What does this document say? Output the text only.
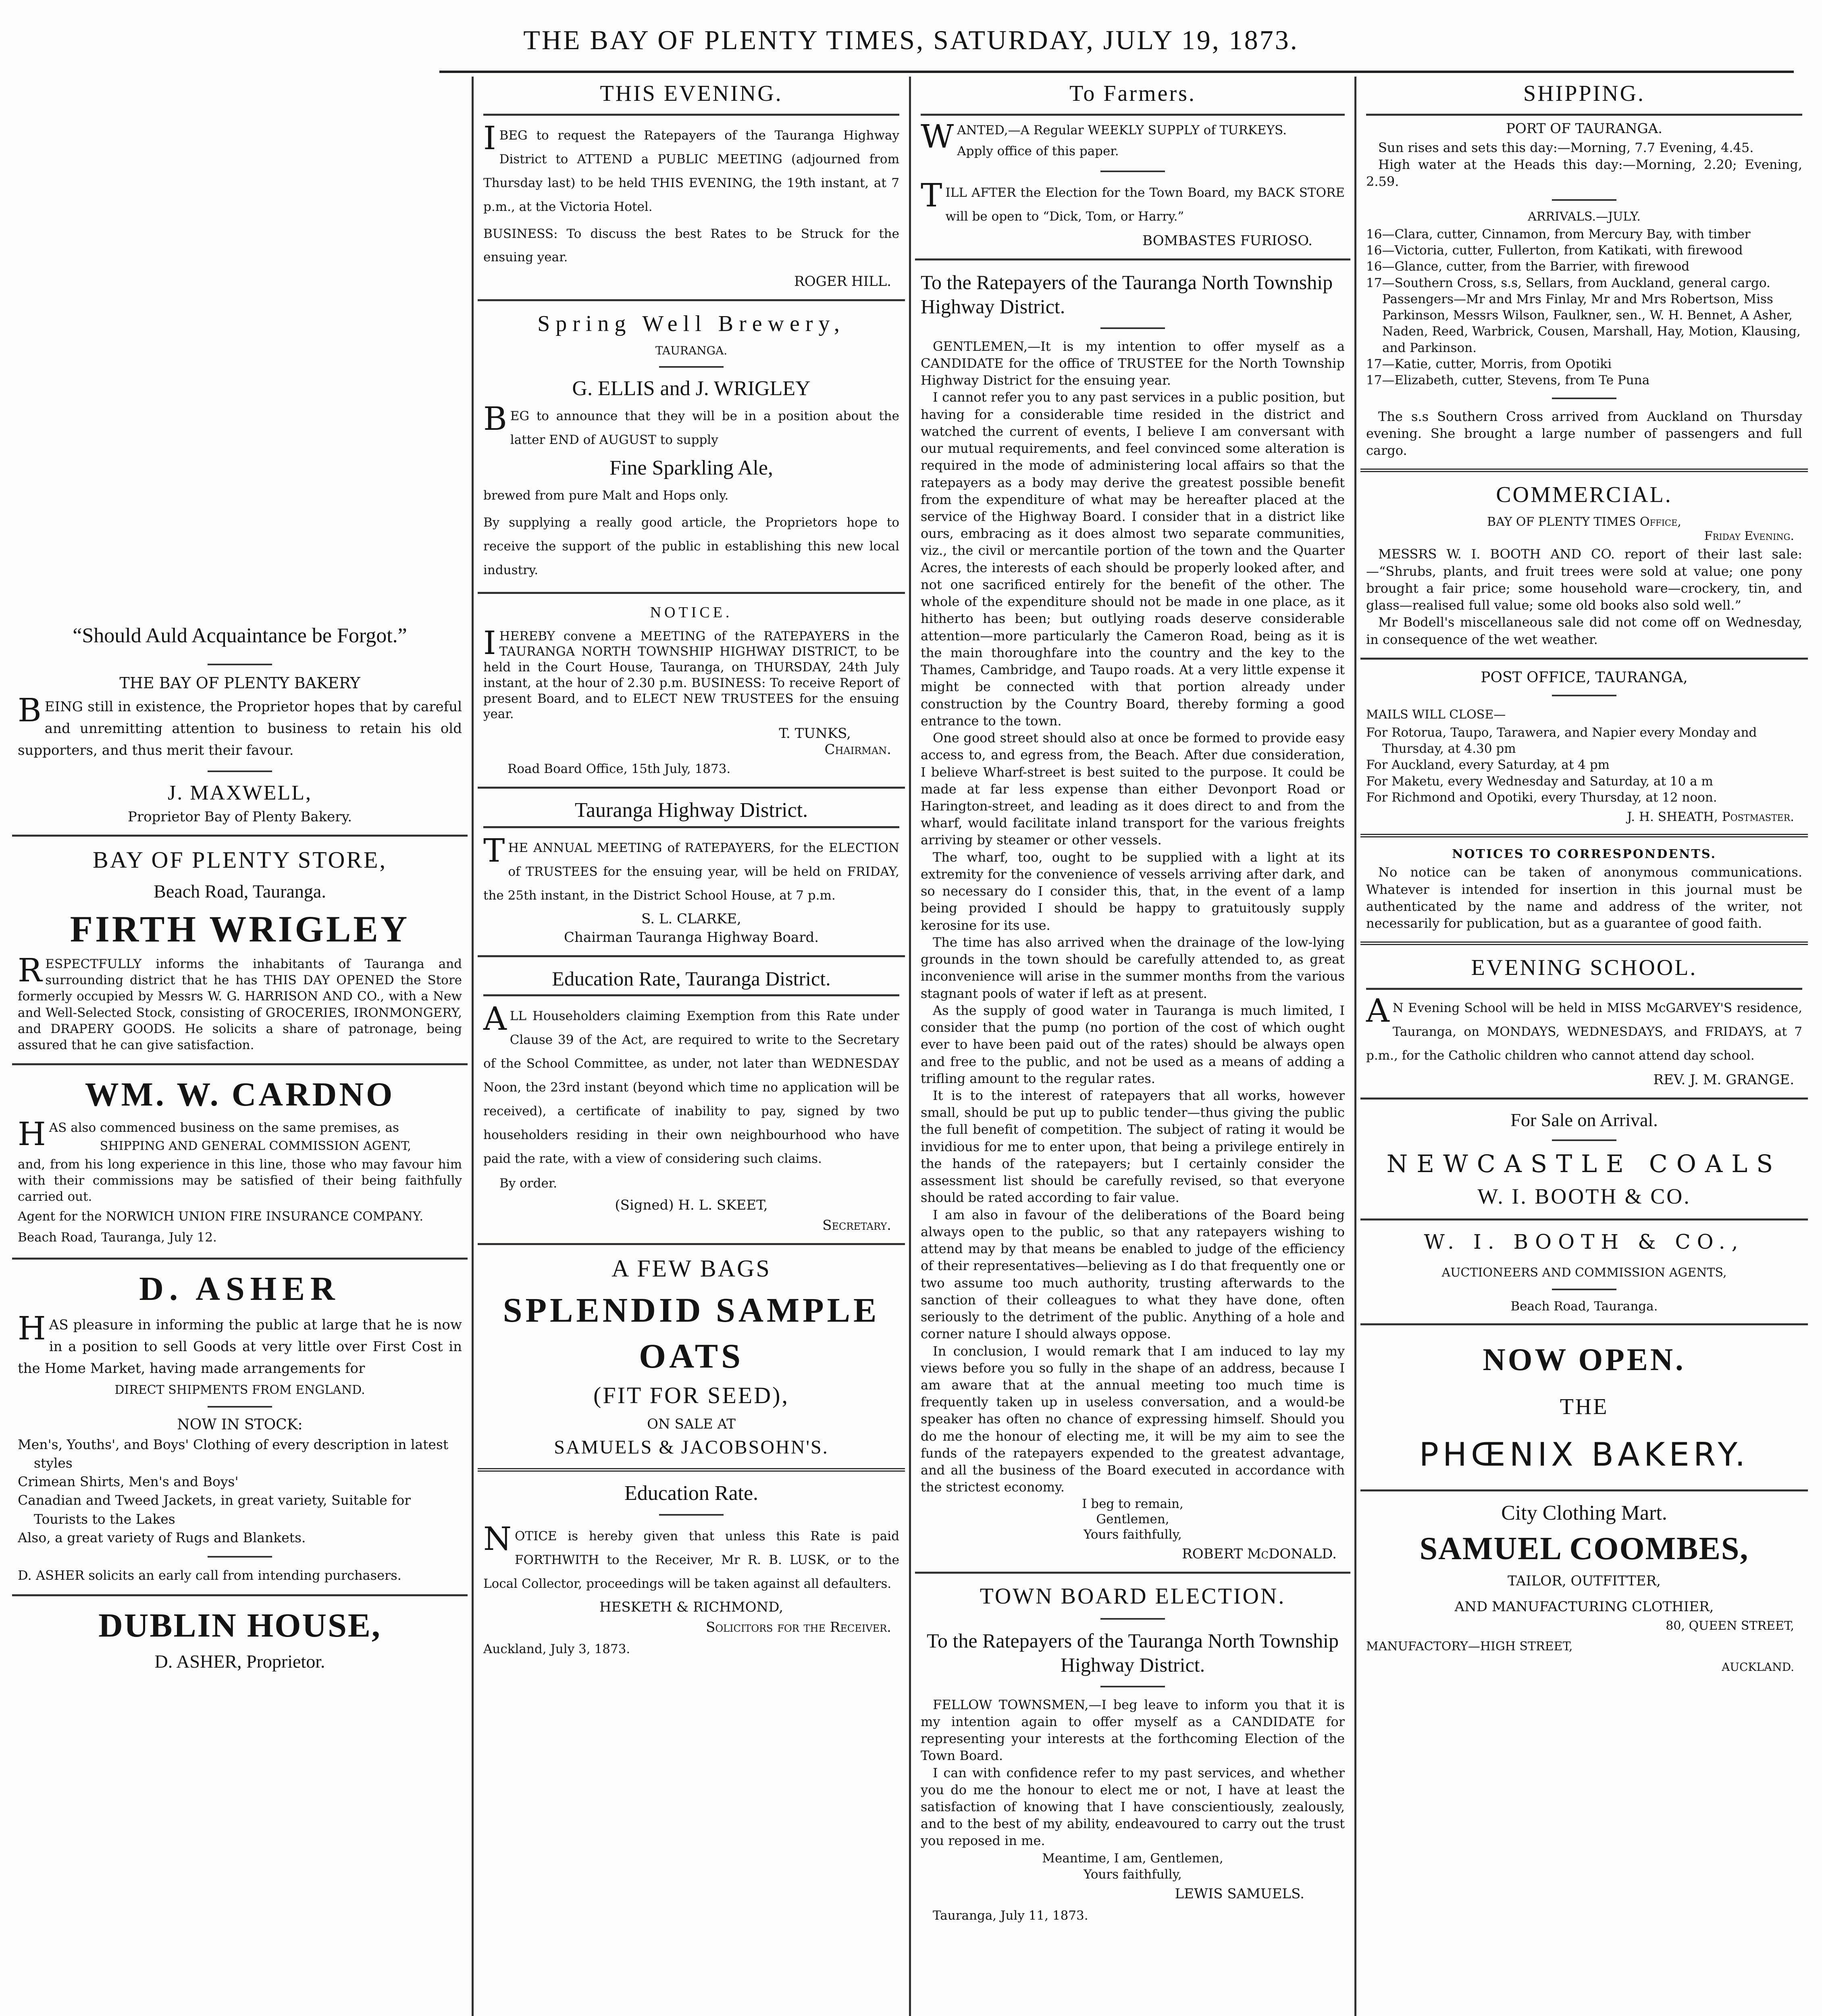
THE BAY OF PLENTY TIMES, SATURDAY, JULY 19, 1873.
“Should Auld Acquaintance be Forgot.”
THE BAY OF PLENTY BAKERY

BEING still in existence, the Proprietor hopes that by careful and unremitting attention to business to retain his old supporters, and thus merit their favour.

J. MAXWELL,
Proprietor Bay of Plenty Bakery.
BAY OF PLENTY STORE,
Beach Road, Tauranga.
FIRTH WRIGLEY

RESPECTFULLY informs the inhabitants of Tauranga and surrounding district that he has THIS DAY OPENED the Store formerly occupied by Messrs W. G. HARRISON AND CO., with a New and Well-Selected Stock, consisting of GROCERIES, IRONMONGERY, and DRAPERY GOODS. He solicits a share of patronage, being assured that he can give satisfaction.

WM. W. CARDNO

HAS also commenced business on the same premises, as

SHIPPING AND GENERAL COMMISSION AGENT,

and, from his long experience in this line, those who may favour him with their commissions may be satisfied of their being faithfully carried out.

Agent for the NORWICH UNION FIRE INSURANCE COMPANY.

Beach Road, Tauranga, July 12.

D. ASHER

HAS pleasure in informing the public at large that he is now in a position to sell Goods at very little over First Cost in the Home Market, having made arrangements for

DIRECT SHIPMENTS FROM ENGLAND.
NOW IN STOCK:

Men's, Youths', and Boys' Clothing of every description in latest styles

Crimean Shirts, Men's and Boys'

Canadian and Tweed Jackets, in great variety, Suitable for Tourists to the Lakes

Also, a great variety of Rugs and Blankets.

D. ASHER solicits an early call from intending purchasers.

DUBLIN HOUSE,
D. ASHER, Proprietor.
THIS EVENING.

IBEG to request the Ratepayers of the Tauranga Highway District to ATTEND a PUBLIC MEETING (adjourned from Thursday last) to be held THIS EVENING, the 19th instant, at 7 p.m., at the Victoria Hotel.

BUSINESS: To discuss the best Rates to be Struck for the ensuing year.

ROGER HILL.
Spring Well Brewery,
TAURANGA.
G. ELLIS and J. WRIGLEY

BEG to announce that they will be in a position about the latter END of AUGUST to supply

Fine Sparkling Ale,

brewed from pure Malt and Hops only.

By supplying a really good article, the Proprietors hope to receive the support of the public in establishing this new local industry.

NOTICE.

IHEREBY convene a MEETING of the RATEPAYERS in the TAURANGA NORTH TOWNSHIP HIGHWAY DISTRICT, to be held in the Court House, Tauranga, on THURSDAY, 24th July instant, at the hour of 2.30 p.m. BUSINESS: To receive Report of present Board, and to ELECT NEW TRUSTEES for the ensuing year.

T. TUNKS,
Chairman.

Road Board Office, 15th July, 1873.

Tauranga Highway District.

THE ANNUAL MEETING of RATEPAYERS, for the ELECTION of TRUSTEES for the ensuing year, will be held on FRIDAY, the 25th instant, in the District School House, at 7 p.m.

S. L. CLARKE,
Chairman Tauranga Highway Board.
Education Rate, Tauranga District.

ALL Householders claiming Exemption from this Rate under Clause 39 of the Act, are required to write to the Secretary of the School Committee, as under, not later than WEDNESDAY Noon, the 23rd instant (beyond which time no application will be received), a certificate of inability to pay, signed by two householders residing in their own neighbourhood who have paid the rate, with a view of considering such claims.

By order.

(Signed) H. L. SKEET,
Secretary.
A FEW BAGS
SPLENDID SAMPLE
OATS
(FIT FOR SEED),
ON SALE AT
SAMUELS & JACOBSOHN'S.
Education Rate.

NOTICE is hereby given that unless this Rate is paid FORTHWITH to the Receiver, Mr R. B. LUSK, or to the Local Collector, proceedings will be taken against all defaulters.

HESKETH & RICHMOND,
Solicitors for the Receiver.

Auckland, July 3, 1873.

To Farmers.

WANTED,—A Regular WEEKLY SUPPLY of TURKEYS.

Apply office of this paper.

TILL AFTER the Election for the Town Board, my BACK STORE will be open to “Dick, Tom, or Harry.”

BOMBASTES FURIOSO.
To the Ratepayers of the Tauranga North Township Highway District.

GENTLEMEN,—It is my intention to offer myself as a CANDIDATE for the office of TRUSTEE for the North Township Highway District for the ensuing year.

I cannot refer you to any past services in a public position, but having for a considerable time resided in the district and watched the current of events, I believe I am conversant with our mutual requirements, and feel convinced some alteration is required in the mode of administering local affairs so that the ratepayers as a body may derive the greatest possible benefit from the expenditure of what may be hereafter placed at the service of the Highway Board. I consider that in a district like ours, embracing as it does almost two separate communities, viz., the civil or mercantile portion of the town and the Quarter Acres, the interests of each should be properly looked after, and not one sacrificed entirely for the benefit of the other. The whole of the expenditure should not be made in one place, as it hitherto has been; but outlying roads deserve considerable attention—more particularly the Cameron Road, being as it is the main thoroughfare into the country and the key to the Thames, Cambridge, and Taupo roads. At a very little expense it might be connected with that portion already under construction by the Country Board, thereby forming a good entrance to the town.

One good street should also at once be formed to provide easy access to, and egress from, the Beach. After due consideration, I believe Wharf-street is best suited to the purpose. It could be made at far less expense than either Devonport Road or Harington-street, and leading as it does direct to and from the wharf, would facilitate inland transport for the various freights arriving by steamer or other vessels.

The wharf, too, ought to be supplied with a light at its extremity for the convenience of vessels arriving after dark, and so necessary do I consider this, that, in the event of a lamp being provided I should be happy to gratuitously supply kerosine for its use.

The time has also arrived when the drainage of the low-lying grounds in the town should be carefully attended to, as great inconvenience will arise in the summer months from the various stagnant pools of water if left as at present.

As the supply of good water in Tauranga is much limited, I consider that the pump (no portion of the cost of which ought ever to have been paid out of the rates) should be always open and free to the public, and not be used as a means of adding a trifling amount to the regular rates.

It is to the interest of ratepayers that all works, however small, should be put up to public tender—thus giving the public the full benefit of competition. The subject of rating it would be invidious for me to enter upon, that being a privilege entirely in the hands of the ratepayers; but I certainly consider the assessment list should be carefully revised, so that everyone should be rated according to fair value.

I am also in favour of the deliberations of the Board being always open to the public, so that any ratepayers wishing to attend may by that means be enabled to judge of the efficiency of their representatives—believing as I do that frequently one or two assume too much authority, trusting afterwards to the sanction of their colleagues to what they have done, often seriously to the detriment of the public. Anything of a hole and corner nature I should always oppose.

In conclusion, I would remark that I am induced to lay my views before you so fully in the shape of an address, because I am aware that at the annual meeting too much time is frequently taken up in useless conversation, and a would-be speaker has often no chance of expressing himself. Should you do me the honour of electing me, it will be my aim to see the funds of the ratepayers expended to the greatest advantage, and all the business of the Board executed in accordance with the strictest economy.

I beg to remain,
Gentlemen,
Yours faithfully,
ROBERT McDONALD.
TOWN BOARD ELECTION.
To the Ratepayers of the Tauranga North Township Highway District.

FELLOW TOWNSMEN,—I beg leave to inform you that it is my intention again to offer myself as a CANDIDATE for representing your interests at the forthcoming Election of the Town Board.

I can with confidence refer to my past services, and whether you do me the honour to elect me or not, I have at least the satisfaction of knowing that I have conscientiously, zealously, and to the best of my ability, endeavoured to carry out the trust you reposed in me.

Meantime, I am, Gentlemen,
Yours faithfully,
LEWIS SAMUELS.

Tauranga, July 11, 1873.

SHIPPING.
PORT OF TAURANGA.

Sun rises and sets this day:—Morning, 7.7 Evening, 4.45.

High water at the Heads this day:—Morning, 2.20; Evening, 2.59.

ARRIVALS.—JULY.

16—Clara, cutter, Cinnamon, from Mercury Bay, with timber

16—Victoria, cutter, Fullerton, from Katikati, with firewood

16—Glance, cutter, from the Barrier, with firewood

17—Southern Cross, s.s, Sellars, from Auckland, general cargo. Passengers—Mr and Mrs Finlay, Mr and Mrs Robertson, Miss Parkinson, Messrs Wilson, Faulkner, sen., W. H. Bennet, A Asher, Naden, Reed, Warbrick, Cousen, Marshall, Hay, Motion, Klausing, and Parkinson.

17—Katie, cutter, Morris, from Opotiki

17—Elizabeth, cutter, Stevens, from Te Puna

The s.s Southern Cross arrived from Auckland on Thursday evening. She brought a large number of passengers and full cargo.

COMMERCIAL.
BAY OF PLENTY TIMES Office,
Friday Evening.

MESSRS W. I. BOOTH AND CO. report of their last sale:—“Shrubs, plants, and fruit trees were sold at value; one pony brought a fair price; some household ware—crockery, tin, and glass—realised full value; some old books also sold well.”

Mr Bodell's miscellaneous sale did not come off on Wednesday, in consequence of the wet weather.

POST OFFICE, TAURANGA,

MAILS WILL CLOSE—

For Rotorua, Taupo, Tarawera, and Napier every Monday and Thursday, at 4.30 pm

For Auckland, every Saturday, at 4 pm

For Maketu, every Wednesday and Saturday, at 10 a m

For Richmond and Opotiki, every Thursday, at 12 noon.

J. H. SHEATH, Postmaster.
NOTICES TO CORRESPONDENTS.

No notice can be taken of anonymous communications. Whatever is intended for insertion in this journal must be authenticated by the name and address of the writer, not necessarily for publication, but as a guarantee of good faith.

EVENING SCHOOL.

AN Evening School will be held in MISS McGARVEY'S residence, Tauranga, on MONDAYS, WEDNESDAYS, and FRIDAYS, at 7 p.m., for the Catholic children who cannot attend day school.

REV. J. M. GRANGE.
For Sale on Arrival.
NEWCASTLE COALS
W. I. BOOTH & CO.
W. I. BOOTH & CO.,
AUCTIONEERS AND COMMISSION AGENTS,
Beach Road, Tauranga.
NOW OPEN.
THE
PHŒNIX BAKERY.
City Clothing Mart.
SAMUEL COOMBES,
TAILOR, OUTFITTER,
AND MANUFACTURING CLOTHIER,
80, QUEEN STREET,
MANUFACTORY—HIGH STREET,
AUCKLAND.
